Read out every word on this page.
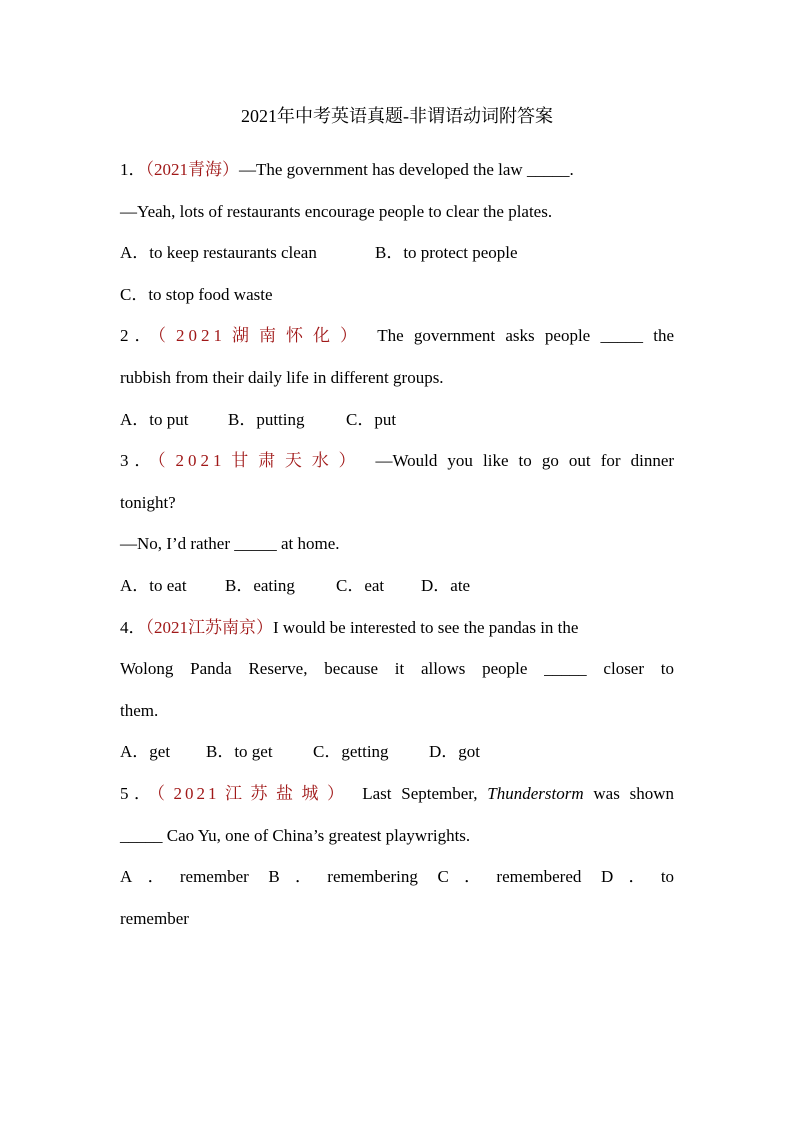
2021年中考英语真题-非谓语动词附答案
1．（2021青海）—The government has developed the law _____.
—Yeah, lots of restaurants encourage people to clear the plates.
A．to keep restaurants clean	B．to protect people
C．to stop food waste
2．（2021湖南怀化） The government asks people _____ the
rubbish from their daily life in different groups.
A．to put B．putting C．put
3．（2021甘肃天水） —Would you like to go out for dinner
tonight?
—No, I’d rather _____ at home.
A．to eat B．eating C．eat D．ate
4．（2021江苏南京）I would be interested to see the pandas in the
Wolong Panda Reserve, because it allows people _____ closer to
them.
A．get B．to get C．getting D．got
5．（2021江苏盐城） Last September, Thunderstorm was shown
_____ Cao Yu, one of China’s greatest playwrights.
A．remember B．remembering C．remembered D．to
remember
